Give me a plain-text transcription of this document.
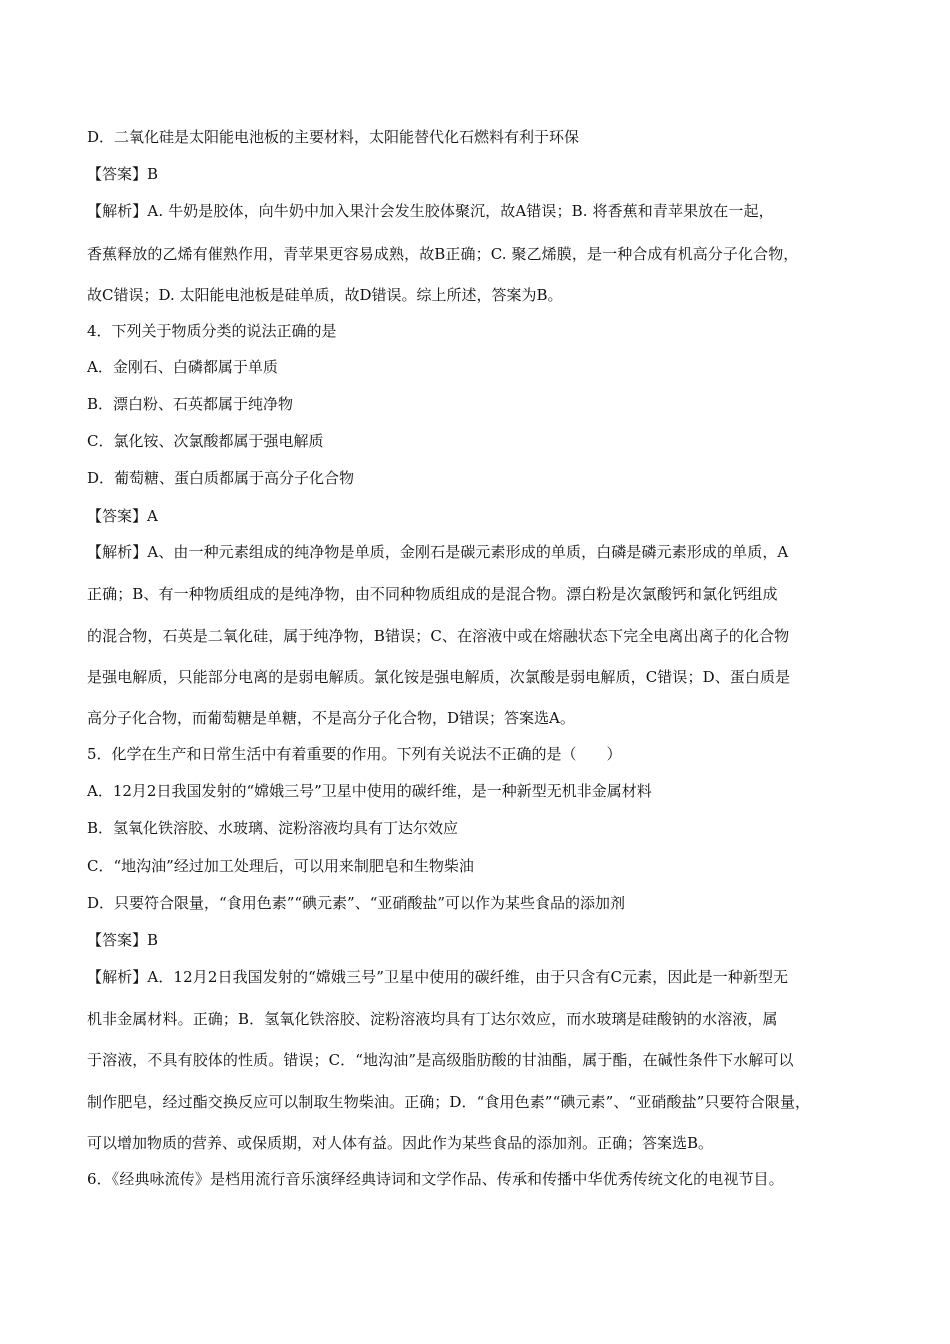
D．二氧化硅是太阳能电池板的主要材料，太阳能替代化石燃料有利于环保
【答案】B
【解析】A. 牛奶是胶体，向牛奶中加入果汁会发生胶体聚沉，故A错误；B. 将香蕉和青苹果放在一起，
香蕉释放的乙烯有催熟作用，青苹果更容易成熟，故B正确；C. 聚乙烯膜，是一种合成有机高分子化合物，
故C错误；D. 太阳能电池板是硅单质，故D错误。综上所述，答案为B。
4．下列关于物质分类的说法正确的是
A．金刚石、白磷都属于单质
B．漂白粉、石英都属于纯净物
C．氯化铵、次氯酸都属于强电解质
D．葡萄糖、蛋白质都属于高分子化合物
【答案】A
【解析】A、由一种元素组成的纯净物是单质，金刚石是碳元素形成的单质，白磷是磷元素形成的单质，A
正确；B、有一种物质组成的是纯净物，由不同种物质组成的是混合物。漂白粉是次氯酸钙和氯化钙组成
的混合物，石英是二氧化硅，属于纯净物，B错误；C、在溶液中或在熔融状态下完全电离出离子的化合物
是强电解质，只能部分电离的是弱电解质。氯化铵是强电解质，次氯酸是弱电解质，C错误；D、蛋白质是
高分子化合物，而葡萄糖是单糖，不是高分子化合物，D错误；答案选A。
5．化学在生产和日常生活中有着重要的作用。下列有关说法不正确的是（　　）
A．12月2日我国发射的“嫦娥三号”卫星中使用的碳纤维，是一种新型无机非金属材料
B．氢氧化铁溶胶、水玻璃、淀粉溶液均具有丁达尔效应
C．“地沟油”经过加工处理后，可以用来制肥皂和生物柴油
D．只要符合限量，“食用色素”“碘元素”、“亚硝酸盐”可以作为某些食品的添加剂
【答案】B
【解析】A．12月2日我国发射的“嫦娥三号”卫星中使用的碳纤维，由于只含有C元素，因此是一种新型无
机非金属材料。正确；B．氢氧化铁溶胶、淀粉溶液均具有丁达尔效应，而水玻璃是硅酸钠的水溶液，属
于溶液，不具有胶体的性质。错误；C．“地沟油”是高级脂肪酸的甘油酯，属于酯，在碱性条件下水解可以
制作肥皂，经过酯交换反应可以制取生物柴油。正确；D．“食用色素”“碘元素”、“亚硝酸盐”只要符合限量，
可以增加物质的营养、或保质期，对人体有益。因此作为某些食品的添加剂。正确；答案选B。
6．《经典咏流传》是档用流行音乐演绎经典诗词和文学作品、传承和传播中华优秀传统文化的电视节目。
